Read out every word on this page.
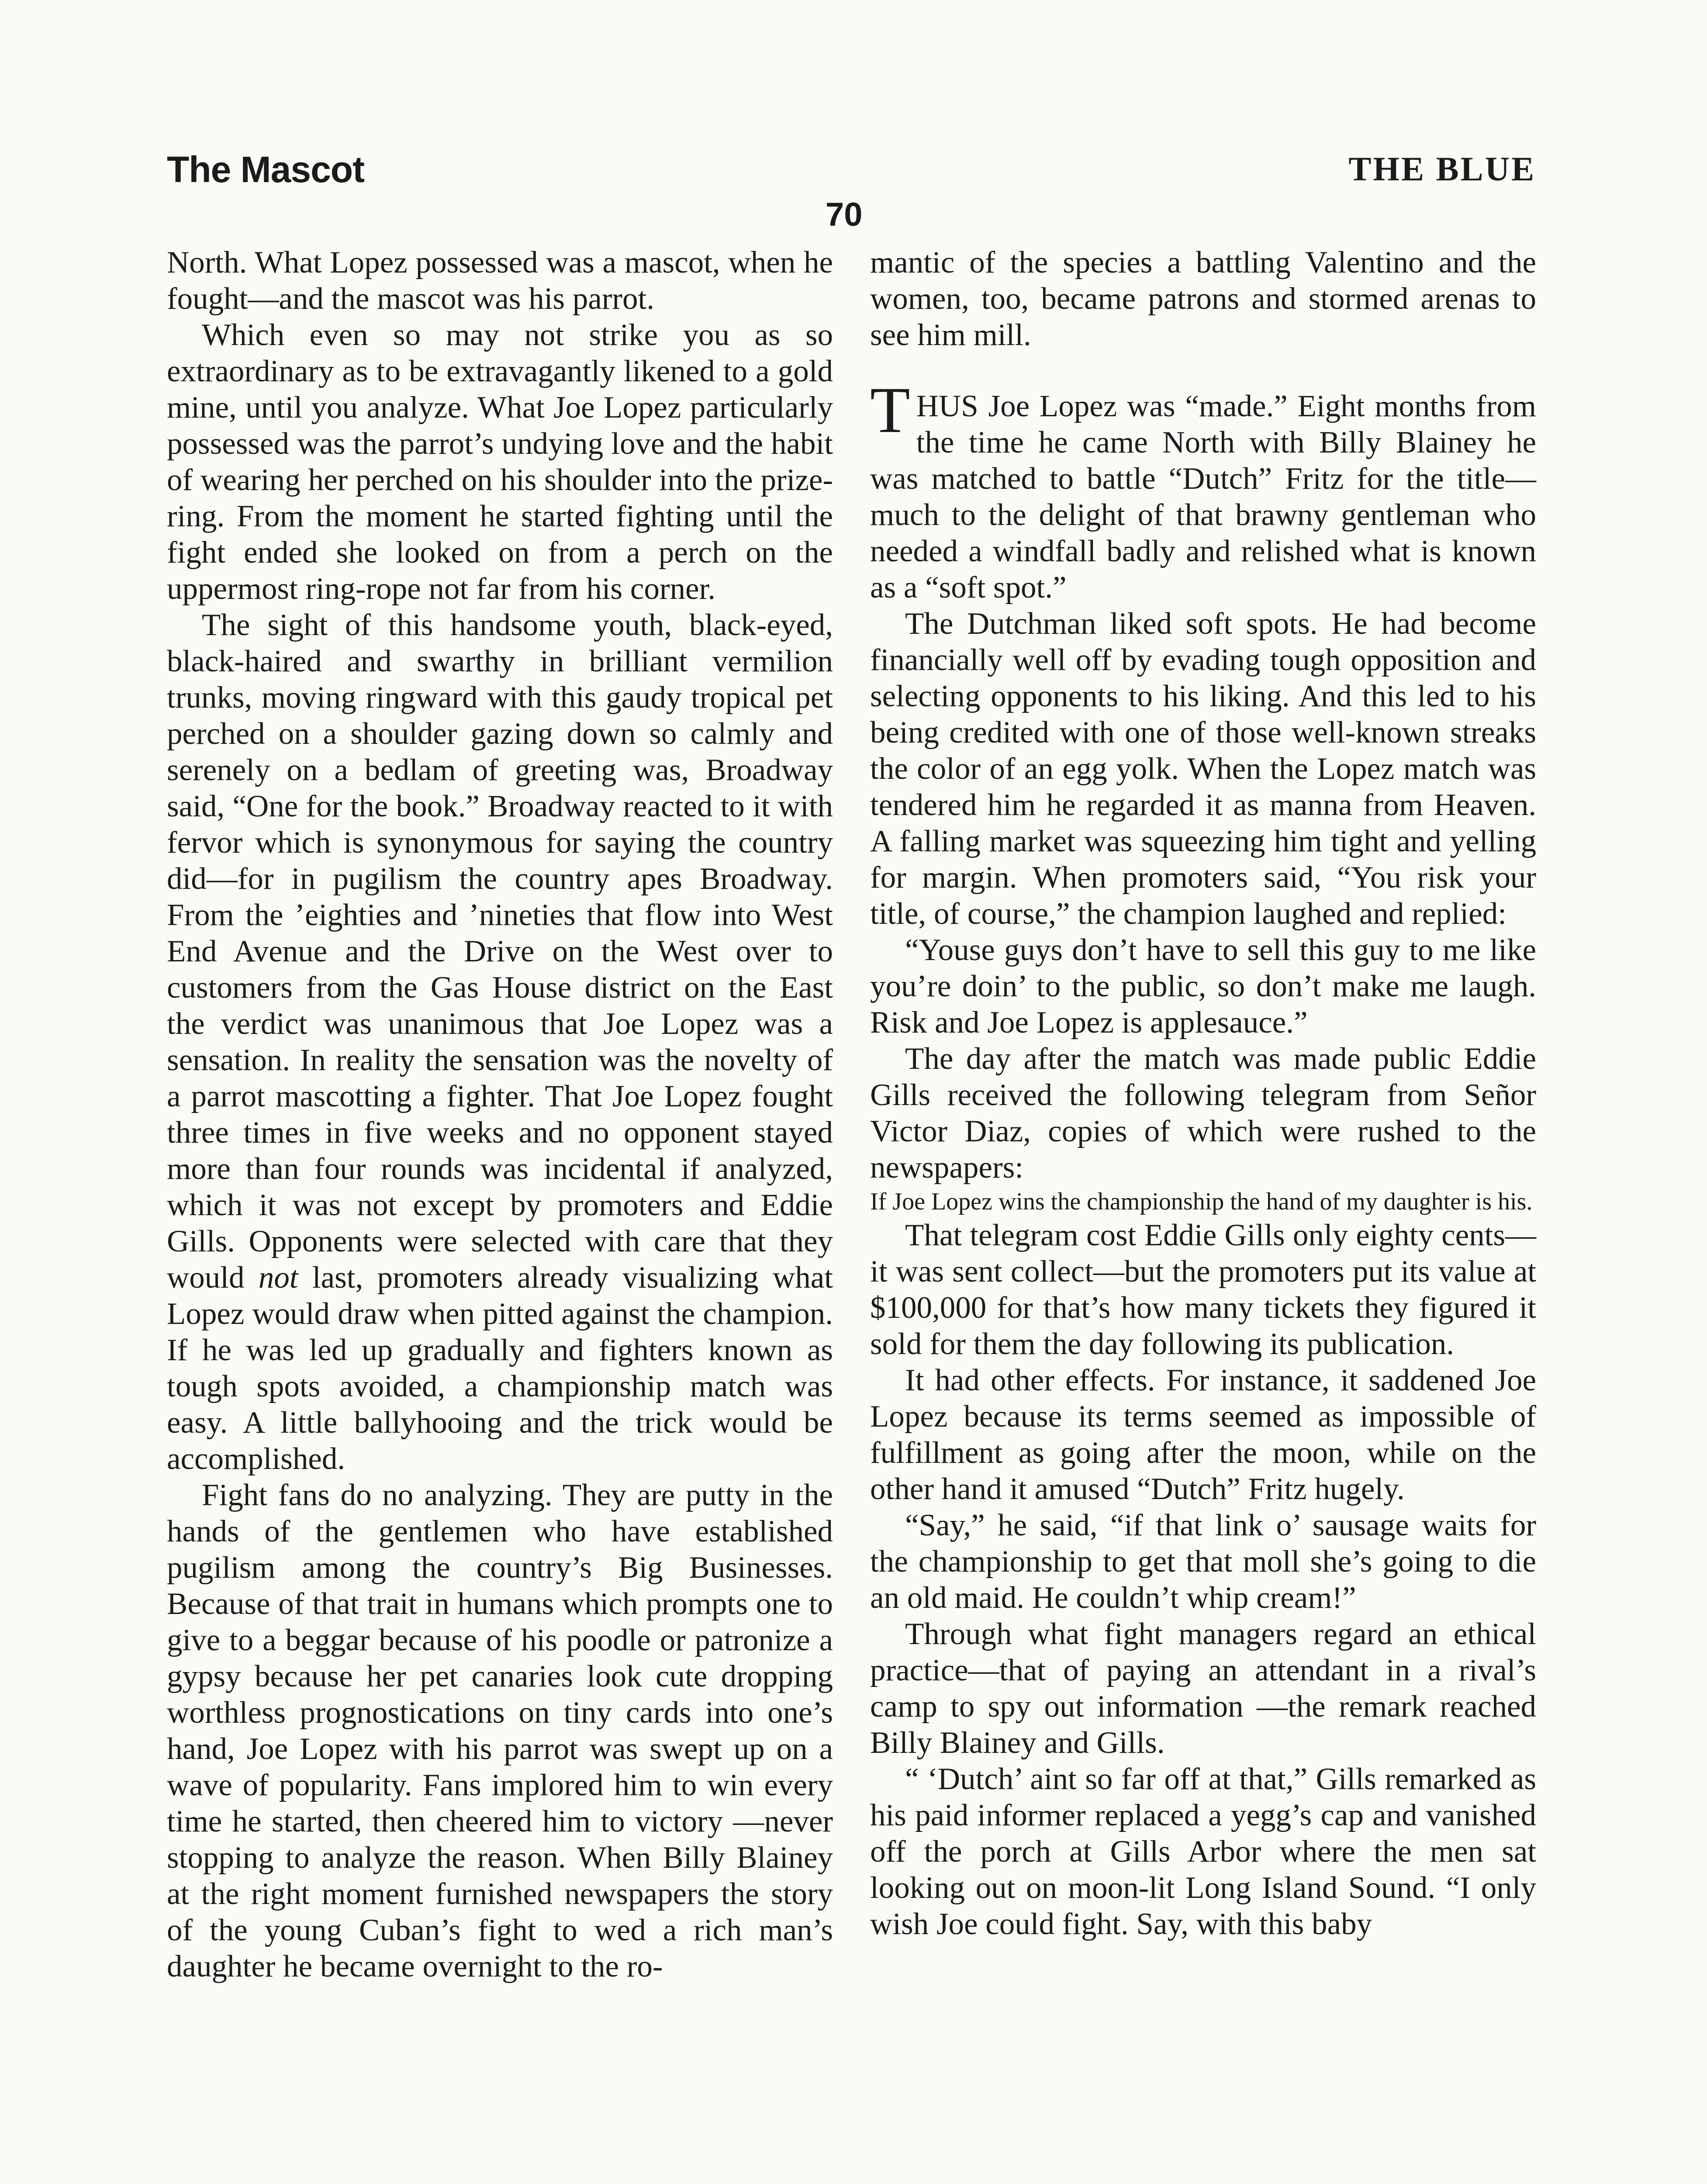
The Mascot	THE BLUE
70

North. What Lopez possessed was a mascot, when he fought—and the mascot was his parrot.

Which even so may not strike you as so extraordinary as to be extravagantly likened to a gold mine, until you analyze. What Joe Lopez particularly possessed was the parrot’s undying love and the habit of wearing her perched on his shoulder into the prize-ring. From the moment he started fighting until the fight ended she looked on from a perch on the uppermost ring-rope not far from his corner.

The sight of this handsome youth, black-eyed, black-haired and swarthy in brilliant vermilion trunks, moving ringward with this gaudy tropical pet perched on a shoulder gazing down so calmly and serenely on a bedlam of greeting was, Broadway said, “One for the book.” Broadway reacted to it with fervor which is synonymous for saying the country did—for in pugilism the country apes Broadway. From the ’eighties and ’nineties that flow into West End Avenue and the Drive on the West over to customers from the Gas House district on the East the verdict was unanimous that Joe Lopez was a sensation. In reality the sensation was the novelty of a parrot mascotting a fighter. That Joe Lopez fought three times in five weeks and no opponent stayed more than four rounds was incidental if analyzed, which it was not except by promoters and Eddie Gills. Opponents were selected with care that they would not last, promoters already visualizing what Lopez would draw when pitted against the champion. If he was led up gradually and fighters known as tough spots avoided, a championship match was easy. A little ballyhooing and the trick would be accomplished.

Fight fans do no analyzing. They are putty in the hands of the gentlemen who have established pugilism among the country’s Big Businesses. Because of that trait in humans which prompts one to give to a beggar because of his poodle or patronize a gypsy because her pet canaries look cute dropping worthless prognostications on tiny cards into one’s hand, Joe Lopez with his parrot was swept up on a wave of popularity. Fans implored him to win every time he started, then cheered him to victory —never stopping to analyze the reason. When Billy Blainey at the right moment furnished newspapers the story of the young Cuban’s fight to wed a rich man’s daughter he became overnight to the ro-

mantic of the species a battling Valentino and the women, too, became patrons and stormed arenas to see him mill.

THUS Joe Lopez was “made.” Eight months from the time he came North with Billy Blainey he was matched to battle “Dutch” Fritz for the title—much to the delight of that brawny gentleman who needed a windfall badly and relished what is known as a “soft spot.”

The Dutchman liked soft spots. He had become financially well off by evading tough opposition and selecting opponents to his liking. And this led to his being credited with one of those well-known streaks the color of an egg yolk. When the Lopez match was tendered him he regarded it as manna from Heaven. A falling market was squeezing him tight and yelling for margin. When promoters said, “You risk your title, of course,” the champion laughed and replied:

“Youse guys don’t have to sell this guy to me like you’re doin’ to the public, so don’t make me laugh. Risk and Joe Lopez is applesauce.”

The day after the match was made public Eddie Gills received the following telegram from Señor Victor Diaz, copies of which were rushed to the newspapers:

If Joe Lopez wins the championship the hand of my daughter is his.

That telegram cost Eddie Gills only eighty cents—it was sent collect—but the promoters put its value at $100,000 for that’s how many tickets they figured it sold for them the day following its publication.

It had other effects. For instance, it saddened Joe Lopez because its terms seemed as impossible of fulfillment as going after the moon, while on the other hand it amused “Dutch” Fritz hugely.

“Say,” he said, “if that link o’ sausage waits for the championship to get that moll she’s going to die an old maid. He couldn’t whip cream!”

Through what fight managers regard an ethical practice—that of paying an attendant in a rival’s camp to spy out information —the remark reached Billy Blainey and Gills.

“ ‘Dutch’ aint so far off at that,” Gills remarked as his paid informer replaced a yegg’s cap and vanished off the porch at Gills Arbor where the men sat looking out on moon-lit Long Island Sound. “I only wish Joe could fight. Say, with this baby
